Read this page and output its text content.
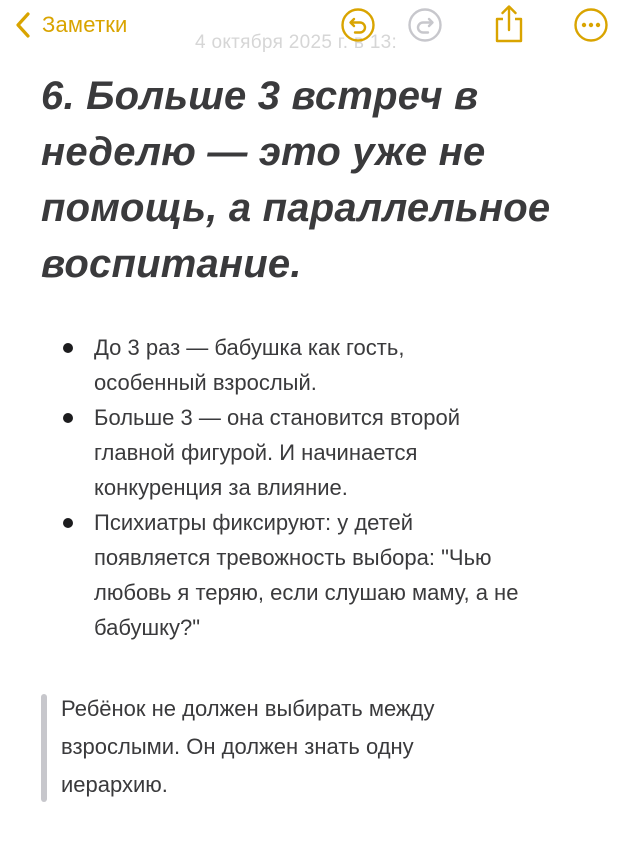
4 октября 2025 г. в 13:
Заметки
6. Больше 3 встреч в
неделю — это уже не
помощь, а параллельное
воспитание.
До 3 раз — бабушка как гость,
особенный взрослый.
Больше 3 — она становится второй
главной фигурой. И начинается
конкуренция за влияние.
Психиатры фиксируют: у детей
появляется тревожность выбора: "Чью
любовь я теряю, если слушаю маму, а не
бабушку?"
Ребёнок не должен выбирать между
взрослыми. Он должен знать одну
иерархию.
